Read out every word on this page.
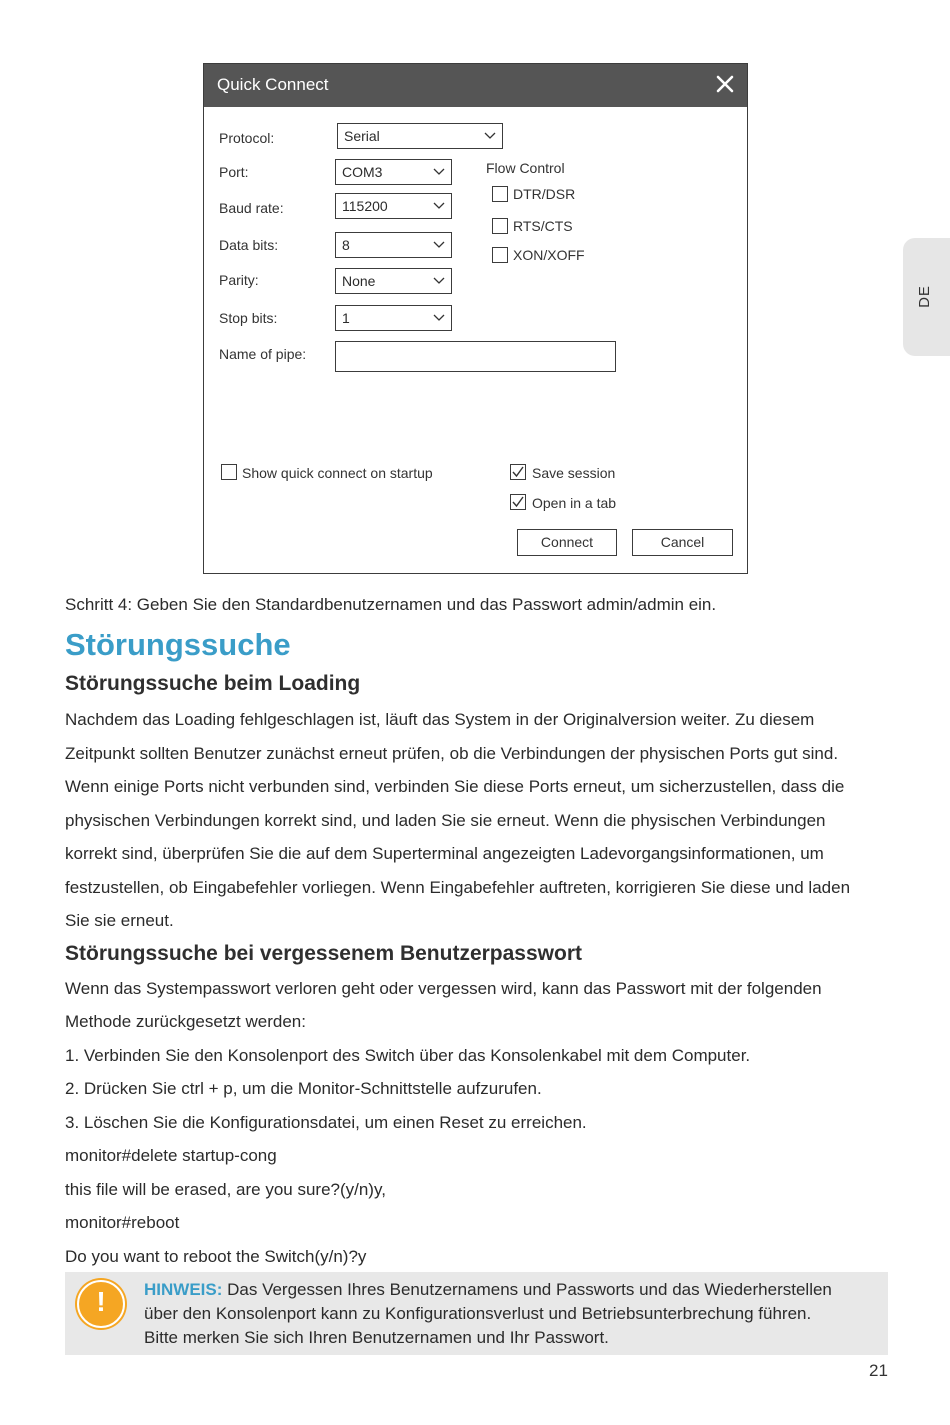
Quick Connect
Protocol:	Serial
Port:	COM3
Baud rate:	115200
Data bits:	8
Parity:	None
Stop bits:	1
Name of pipe:
Flow Control
DTR/DSR
RTS/CTS
XON/XOFF
Show quick connect on startup	Save session
Open in a tab
Connect	Cancel
DE
Schritt 4: Geben Sie den Standardbenutzernamen und das Passwort admin/admin ein.
Störungssuche
Störungssuche beim Loading
Nachdem das Loading fehlgeschlagen ist, läuft das System in der Originalversion weiter. Zu diesem
Zeitpunkt sollten Benutzer zunächst erneut prüfen, ob die Verbindungen der physischen Ports gut sind.
Wenn einige Ports nicht verbunden sind, verbinden Sie diese Ports erneut, um sicherzustellen, dass die
physischen Verbindungen korrekt sind, und laden Sie sie erneut. Wenn die physischen Verbindungen
korrekt sind, überprüfen Sie die auf dem Superterminal angezeigten Ladevorgangsinformationen, um
festzustellen, ob Eingabefehler vorliegen. Wenn Eingabefehler auftreten, korrigieren Sie diese und laden
Sie sie erneut.
Störungssuche bei vergessenem Benutzerpasswort
Wenn das Systempasswort verloren geht oder vergessen wird, kann das Passwort mit der folgenden
Methode zurückgesetzt werden:
1. Verbinden Sie den Konsolenport des Switch über das Konsolenkabel mit dem Computer.
2. Drücken Sie ctrl + p, um die Monitor-Schnittstelle aufzurufen.
3. Löschen Sie die Konfigurationsdatei, um einen Reset zu erreichen.
monitor#delete startup-cong
this file will be erased, are you sure?(y/n)y,
monitor#reboot
Do you want to reboot the Switch(y/n)?y
!	HINWEIS: Das Vergessen Ihres Benutzernamens und Passworts und das Wiederherstellen
über den Konsolenport kann zu Konfigurationsverlust und Betriebsunterbrechung führen.
Bitte merken Sie sich Ihren Benutzernamen und Ihr Passwort.
21
